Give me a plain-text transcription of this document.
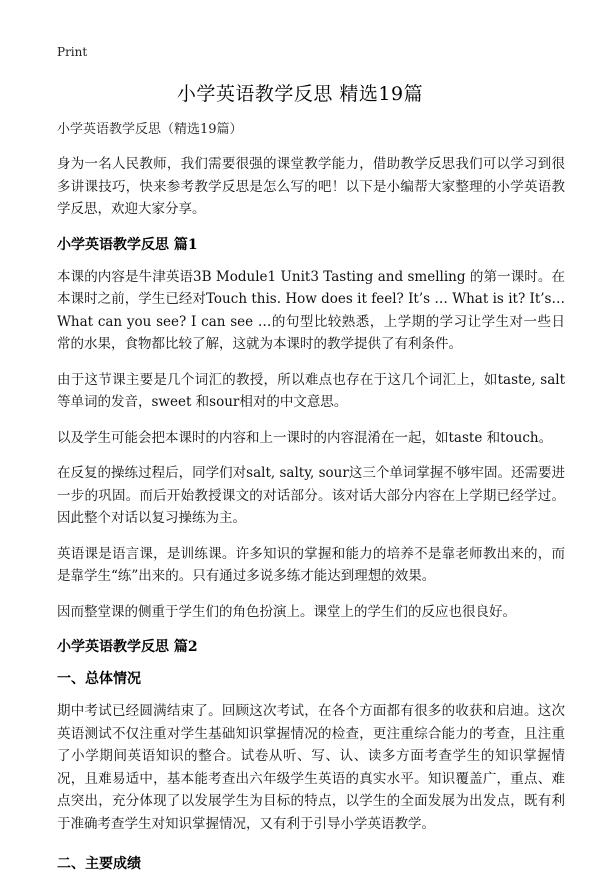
Print
小学英语教学反思 精选19篇
小学英语教学反思（精选19篇）

身为一名人民教师，我们需要很强的课堂教学能力，借助教学反思我们可以学习到很多讲课技巧，快来参考教学反思是怎么写的吧！以下是小编帮大家整理的小学英语教学反思，欢迎大家分享。

小学英语教学反思 篇1

本课的内容是牛津英语3B Module1 Unit3 Tasting and smelling 的第一课时。在本课时之前，学生已经对Touch this. How does it feel? It’s … What is it? It’s… What can you see? I can see …的句型比较熟悉，上学期的学习让学生对一些日常的水果，食物都比较了解，这就为本课时的教学提供了有利条件。

由于这节课主要是几个词汇的教授，所以难点也存在于这几个词汇上，如taste, salt等单词的发音，sweet 和sour相对的中文意思。

以及学生可能会把本课时的内容和上一课时的内容混淆在一起，如taste 和touch。

在反复的操练过程后，同学们对salt, salty, sour这三个单词掌握不够牢固。还需要进一步的巩固。而后开始教授课文的对话部分。该对话大部分内容在上学期已经学过。因此整个对话以复习操练为主。

英语课是语言课，是训练课。许多知识的掌握和能力的培养不是靠老师教出来的，而是靠学生“练”出来的。只有通过多说多练才能达到理想的效果。

因而整堂课的侧重于学生们的角色扮演上。课堂上的学生们的反应也很良好。

小学英语教学反思 篇2
一、总体情况

期中考试已经圆满结束了。回顾这次考试，在各个方面都有很多的收获和启迪。这次英语测试不仅注重对学生基础知识掌握情况的检查，更注重综合能力的考查，且注重了小学期间英语知识的整合。试卷从听、写、认、读多方面考查学生的知识掌握情况，且难易适中，基本能考查出六年级学生英语的真实水平。知识覆盖广，重点、难点突出，充分体现了以发展学生为目标的特点，以学生的全面发展为出发点，既有利于准确考查学生对知识掌握情况，又有利于引导小学英语教学。

二、主要成绩
